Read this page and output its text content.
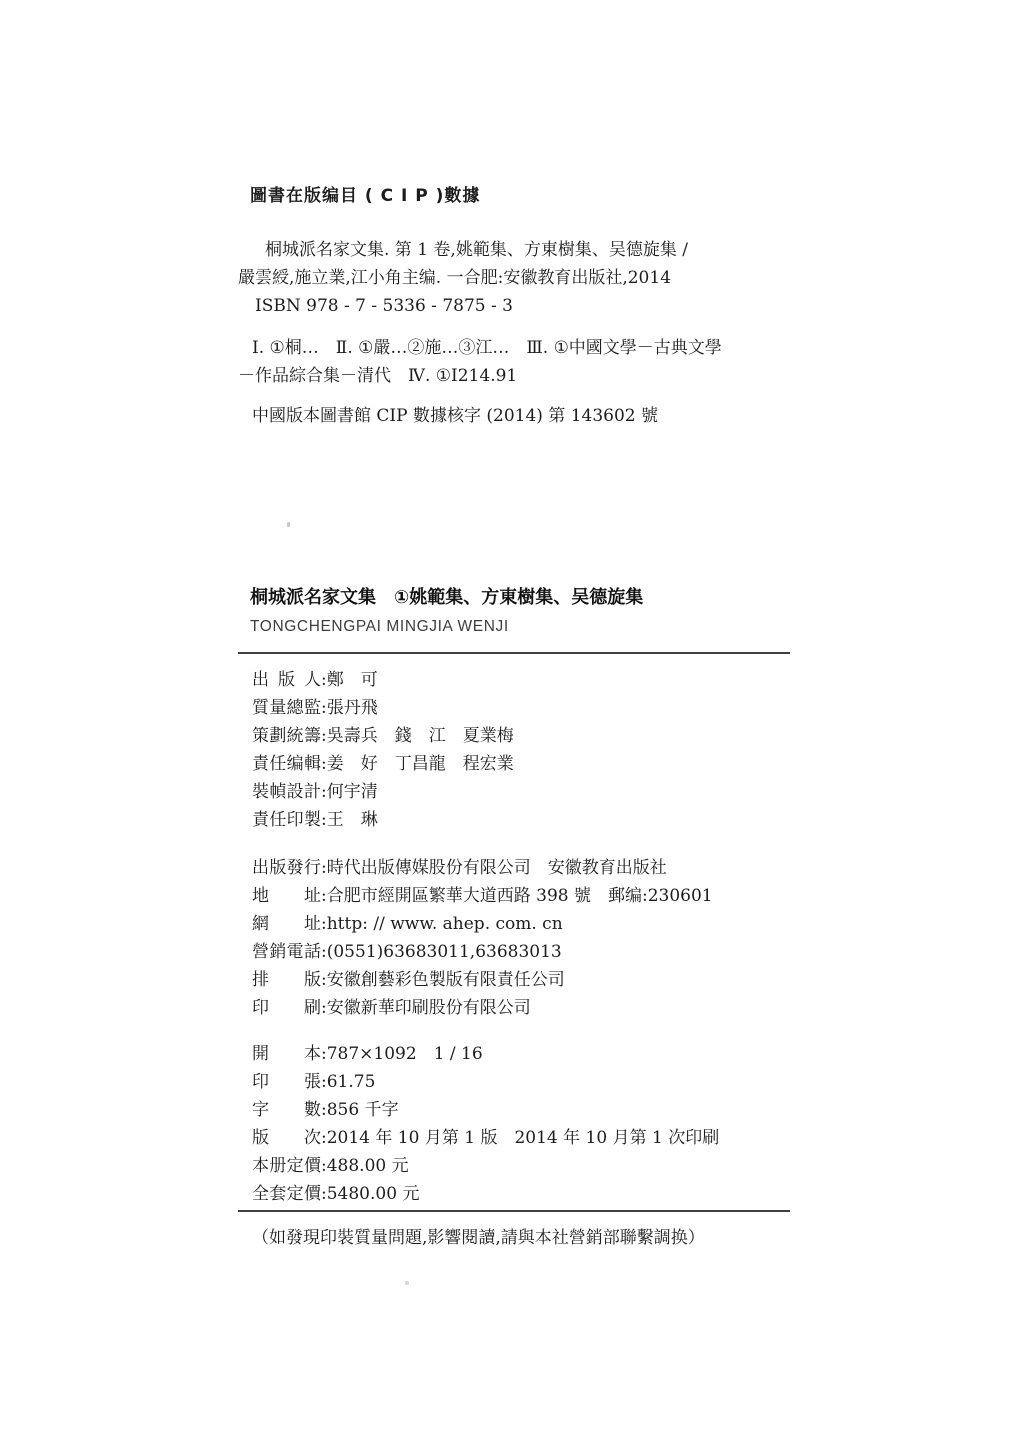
圖書在版编目 ( C I P )數據
桐城派名家文集. 第 1 卷,姚範集、方東樹集、吴德旋集 /
嚴雲綬,施立業,江小角主编. 一合肥:安徽教育出版社,2014
ISBN 978 - 7 - 5336 - 7875 - 3
Ⅰ. ①桐…　Ⅱ. ①嚴…②施…③江…　Ⅲ. ①中國文學－古典文學
－作品綜合集－清代　Ⅳ. ①I214.91
中國版本圖書館 CIP 數據核字 (2014) 第 143602 號
桐城派名家文集　①姚範集、方東樹集、吴德旋集
TONGCHENGPAI MINGJIA WENJI
出版人:鄭　可
質量總監:張丹飛
策劃統籌:吳壽兵　錢　江　夏業梅
責任编輯:姜　好　丁昌龍　程宏業
裝幀設計:何宇清
責任印製:王　琳
出版發行:時代出版傳媒股份有限公司　安徽教育出版社
地址:合肥市經開區繁華大道西路 398 號　郵编:230601
網址:http: // www. ahep. com. cn
營銷電話:(0551)63683011,63683013
排版:安徽創藝彩色製版有限責任公司
印刷:安徽新華印刷股份有限公司
開本:787×1092　1 / 16
印張:61.75
字數:856 千字
版次:2014 年 10 月第 1 版　2014 年 10 月第 1 次印刷
本册定價:488.00 元
全套定價:5480.00 元
（如發現印裝質量問題,影響閱讀,請與本社營銷部聯繫調换）
